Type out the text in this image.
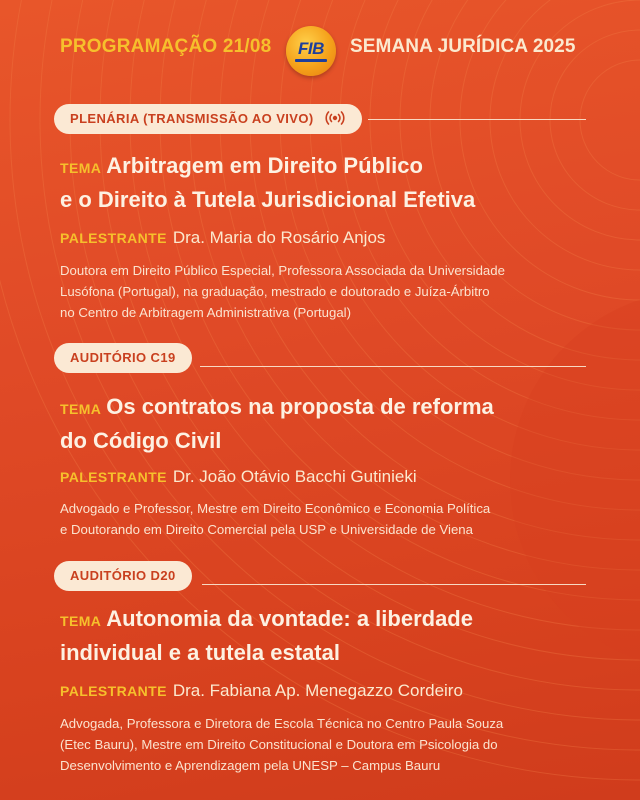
PROGRAMAÇÃO 21/08	FIB	SEMANA JURÍDICA 2025
PLENÁRIA (TRANSMISSÃO AO VIVO)
TEMA Arbitragem em Direito Público
e o Direito à Tutela Jurisdicional Efetiva
PALESTRANTE Dra. Maria do Rosário Anjos
Doutora em Direito Público Especial, Professora Associada da Universidade
Lusófona (Portugal), na graduação, mestrado e doutorado e Juíza-Árbitro
no Centro de Arbitragem Administrativa (Portugal)
AUDITÓRIO C19
TEMA Os contratos na proposta de reforma
do Código Civil
PALESTRANTE Dr. João Otávio Bacchi Gutinieki
Advogado e Professor, Mestre em Direito Econômico e Economia Política
e Doutorando em Direito Comercial pela USP e Universidade de Viena
AUDITÓRIO D20
TEMA Autonomia da vontade: a liberdade
individual e a tutela estatal
PALESTRANTE Dra. Fabiana Ap. Menegazzo Cordeiro
Advogada, Professora e Diretora de Escola Técnica no Centro Paula Souza
(Etec Bauru), Mestre em Direito Constitucional e Doutora em Psicologia do
Desenvolvimento e Aprendizagem pela UNESP – Campus Bauru
